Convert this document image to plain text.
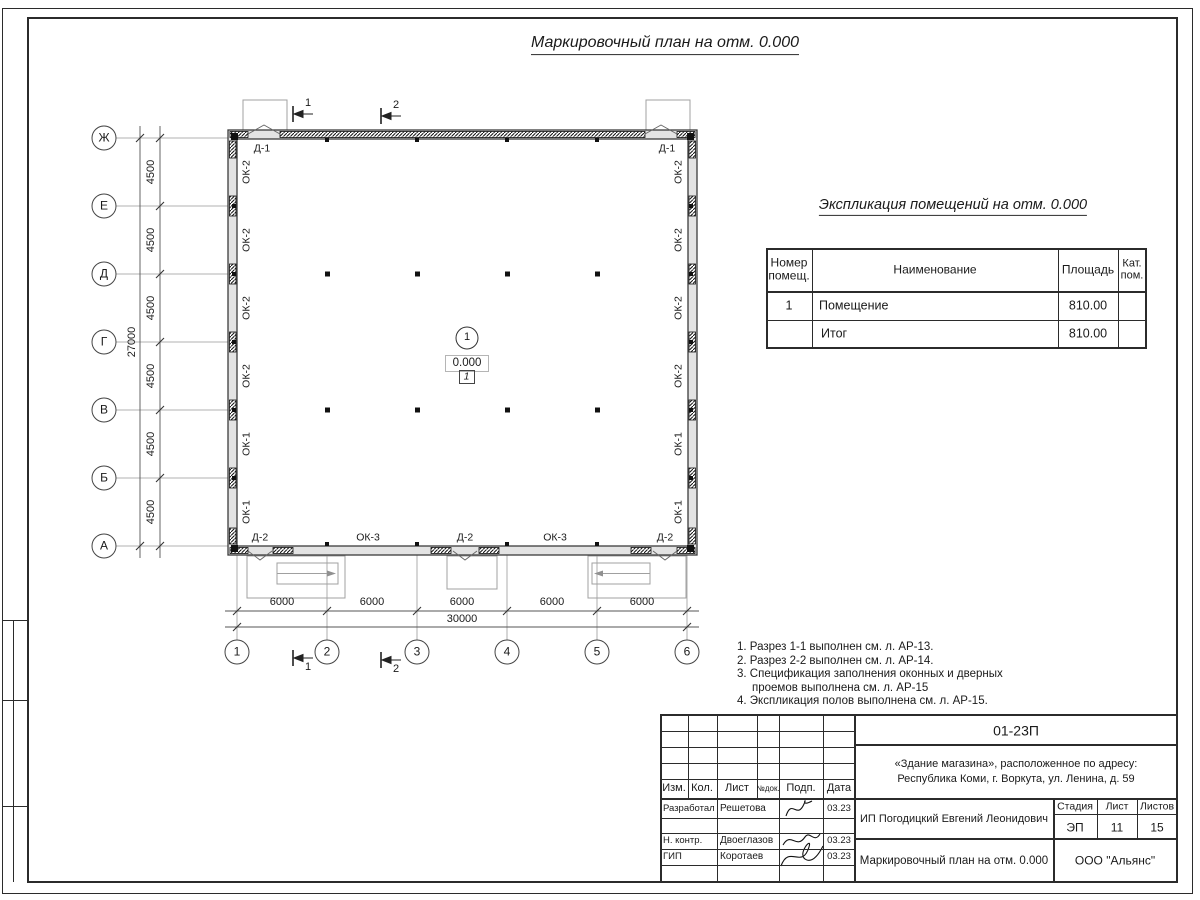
Маркировочный план на отм. 0.000
1
0.000
1
Экспликация помещений на отм. 0.000
Номер помещ.	Наименование	Площадь Кат. пом.
1 Помещение	810.00
Итог	810.00
1. Разрез 1-1 выполнен см. л. АР-13.
2. Разрез 2-2 выполнен см. л. АР-14.
3. Спецификация заполнения оконных и дверных
проемов выполнена см. л. АР-15
4. Экспликация полов выполнена см. л. АР-15.
01-23П
«Здание магазина», расположенное по адресу:
Республика Коми, г. Воркута, ул. Ленина, д. 59
ИП Погодицкий Евгений Леонидович
Стадия Лист Листов
ЭП 11 15
Маркировочный план на отм. 0.000 ООО "Альянс"
Ж
Е
Д
Г
В
Б
А
1	2	3	4	5	6
4500
4500
4500
4500
4500
4500
27000
6000	6000	6000	6000	6000
30000
ОК-2	ОК-2
ОК-2	ОК-2
ОК-2	ОК-2
ОК-2	ОК-2
ОК-1	ОК-1
ОК-1	ОК-1
Д-1	Д-1
Д-2	ОК-3	Д-2	ОК-3	Д-2
1	2
1	2
Изм. Кол. Лист №док. Подп. Дата
Разработал Решетова	03.23
Н. контр. Двоеглазов	03.23
ГИП	Коротаев	03.23
